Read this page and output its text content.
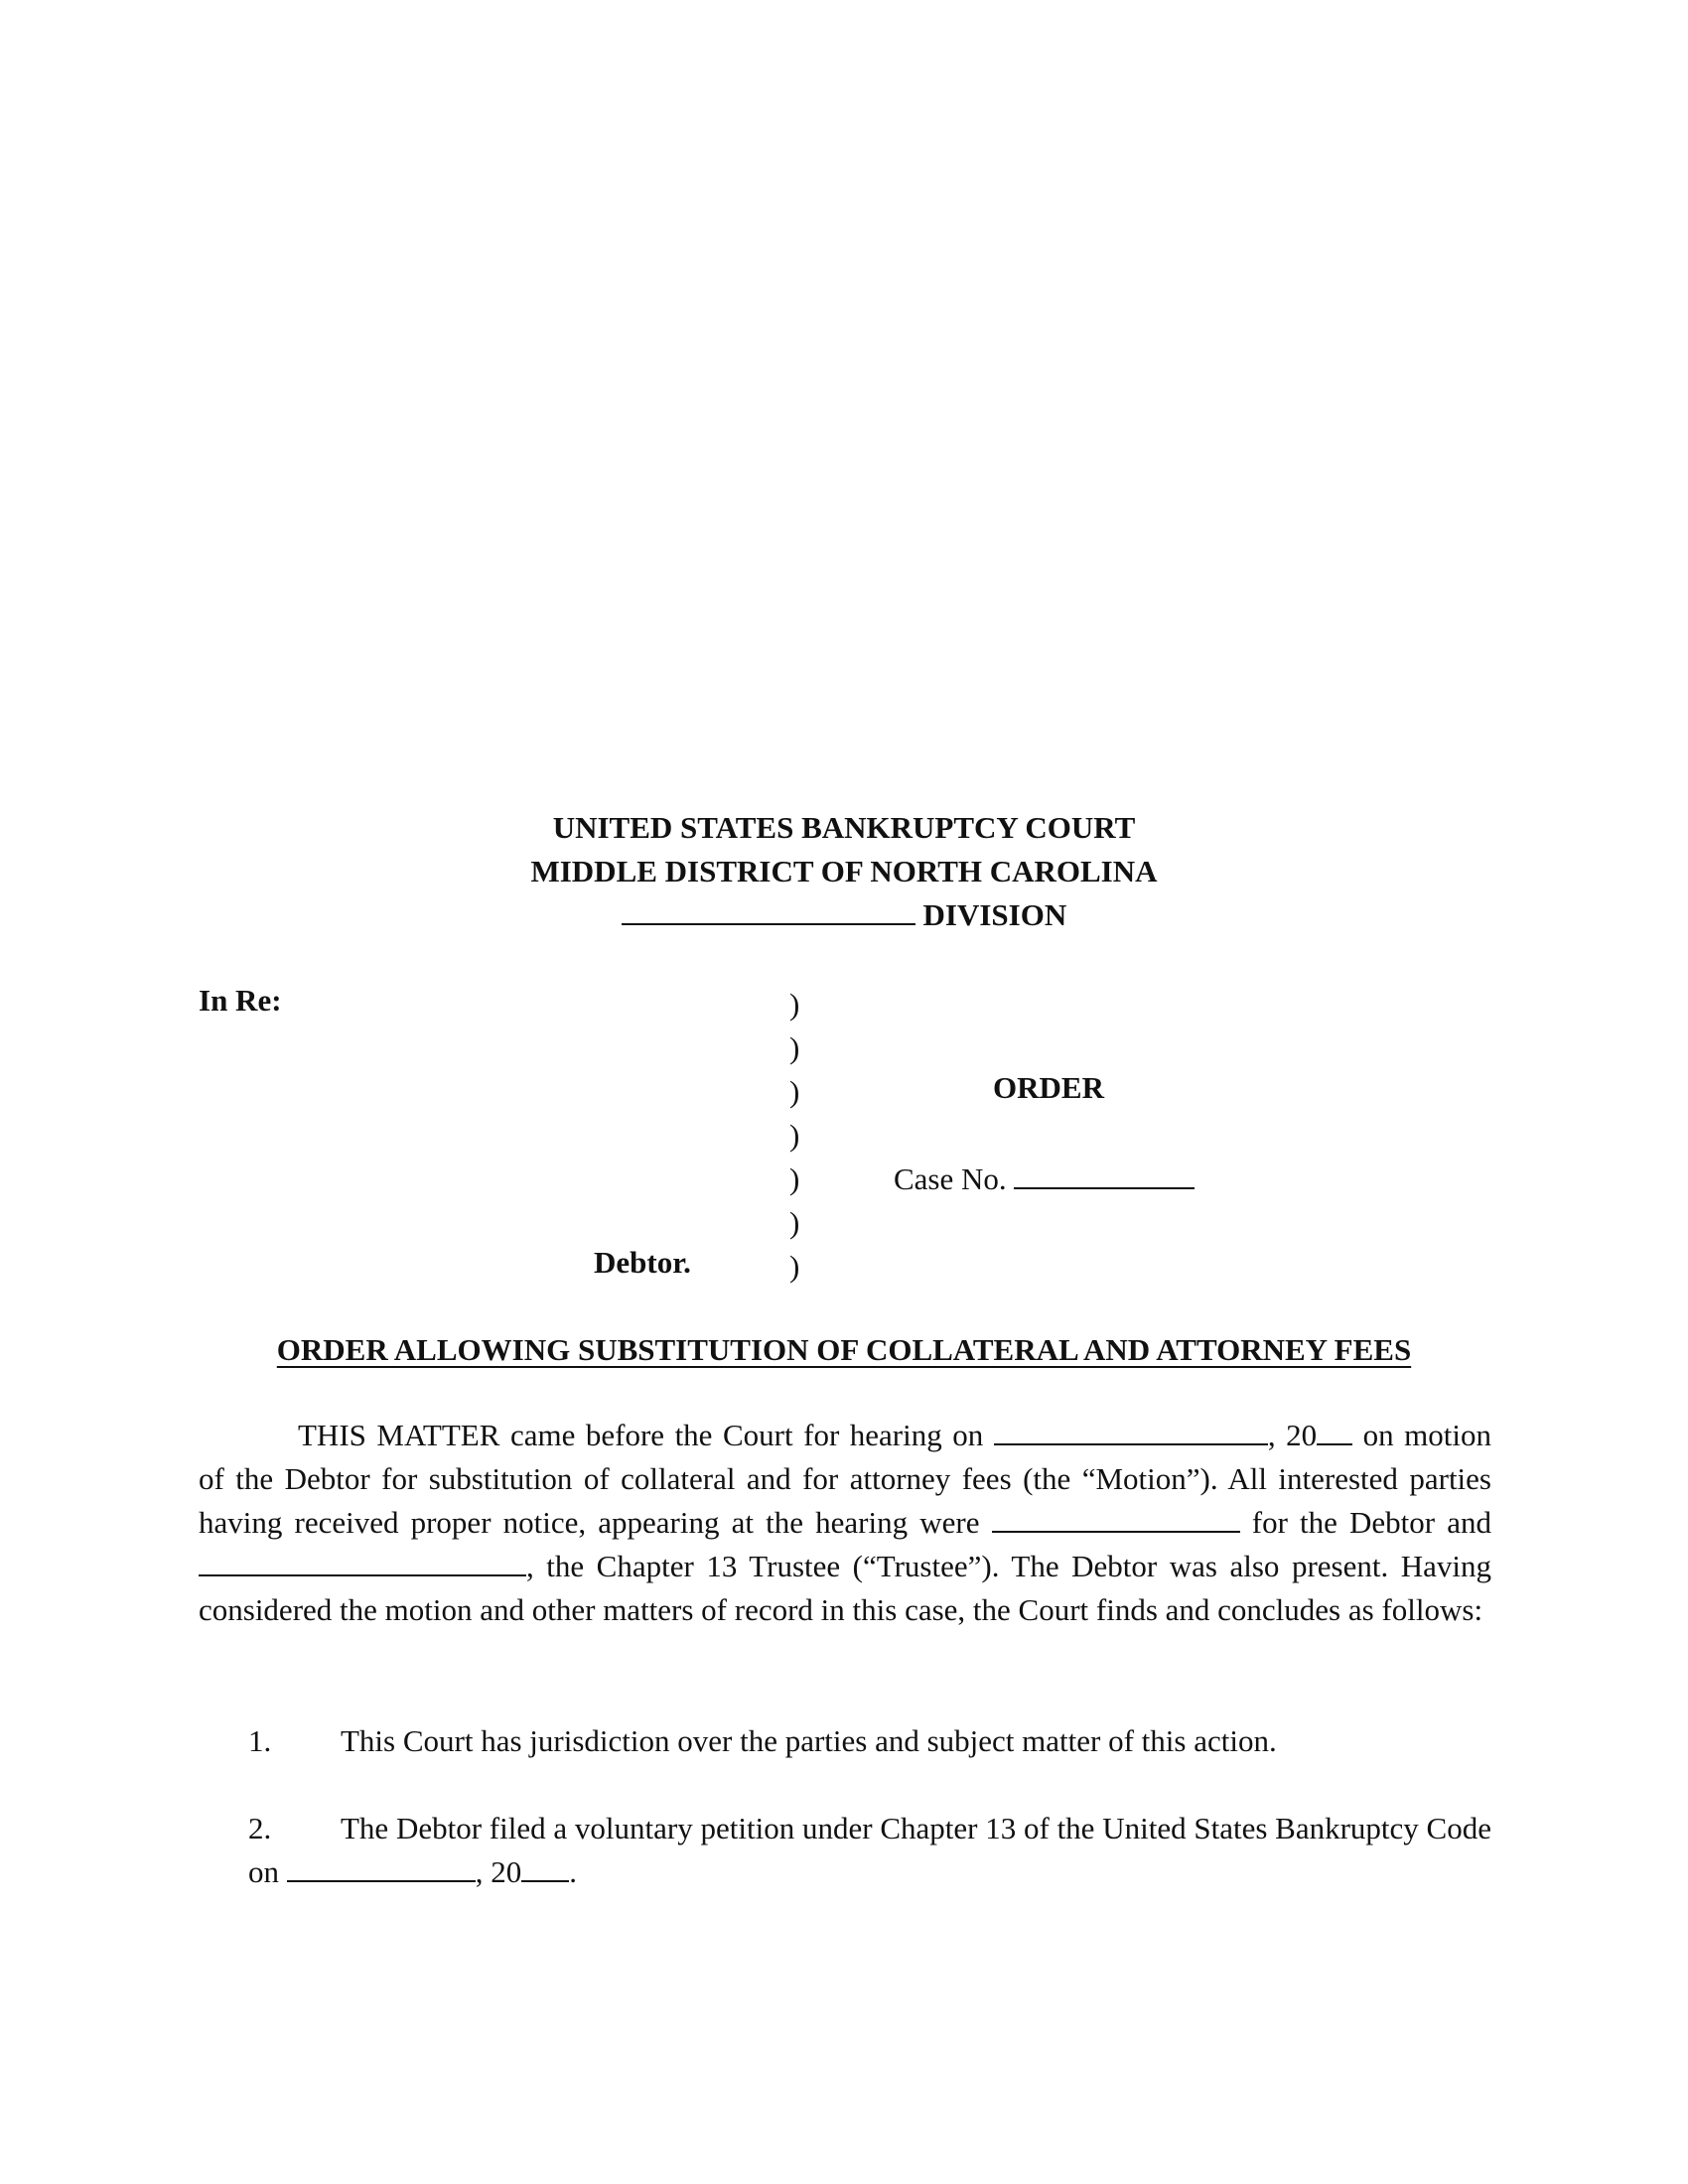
UNITED STATES BANKRUPTCY COURT
MIDDLE DISTRICT OF NORTH CAROLINA
DIVISION
In Re:
Debtor.
)
)
)
)
)
)
)
ORDER
Case No.
ORDER ALLOWING SUBSTITUTION OF COLLATERAL AND ATTORNEY FEES
THIS MATTER came before the Court for hearing on	, 20 on motion of the Debtor for substitution of collateral and for attorney fees (the “Motion”). All interested parties having received proper notice, appearing at the hearing were	for the Debtor and , the Chapter 13 Trustee (“Trustee”). The Debtor was also present. Having considered the motion and other matters of record in this case, the Court finds and concludes as follows:
1. This Court has jurisdiction over the parties and subject matter of this action.
2. The Debtor filed a voluntary petition under Chapter 13 of the United States Bankruptcy Code on	, 20 .
